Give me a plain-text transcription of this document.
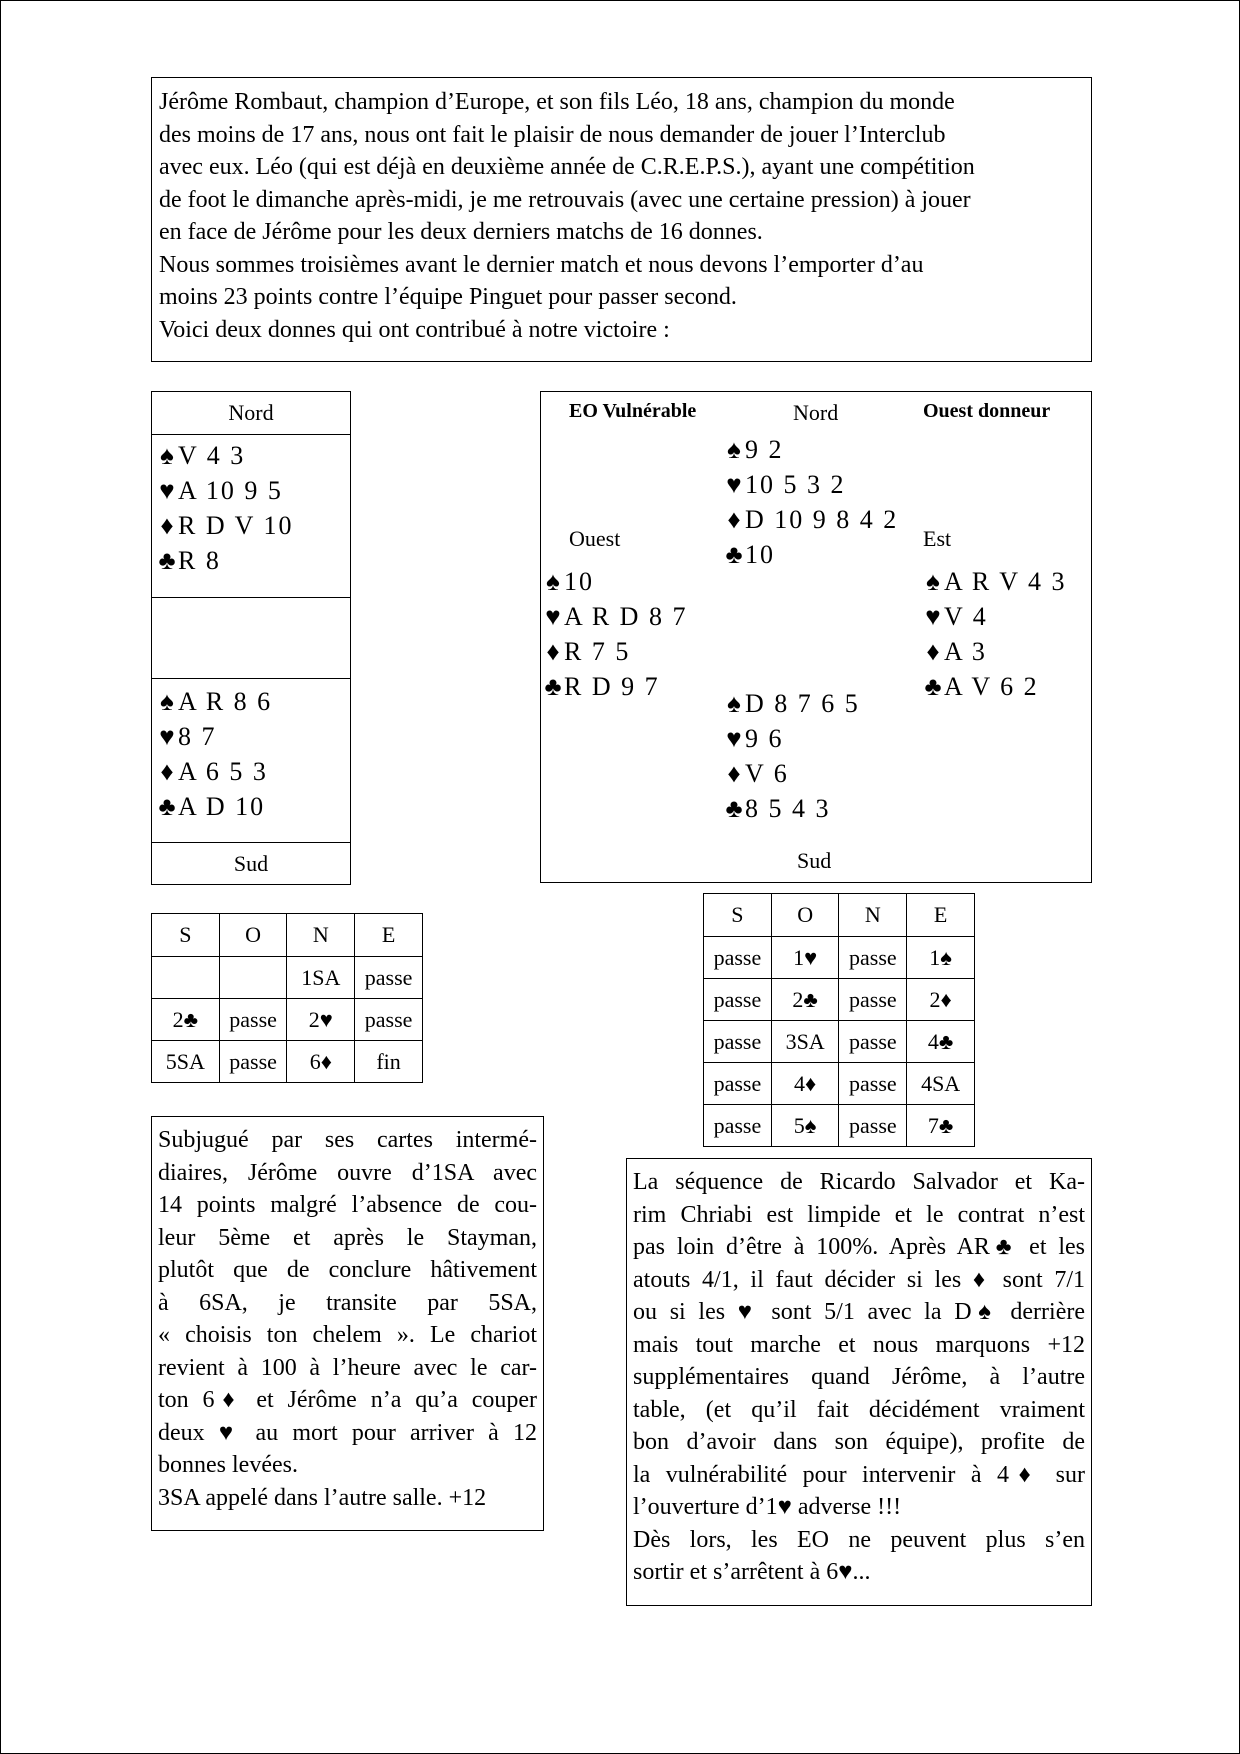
Jérôme Rombaut, champion d’Europe, et son fils Léo, 18 ans, champion du monde
des moins de 17 ans, nous ont fait le plaisir de nous demander de jouer l’Interclub
avec eux. Léo (qui est déjà en deuxième année de C.R.E.P.S.), ayant une compétition
de foot le dimanche après-midi, je me retrouvais (avec une certaine pression) à jouer
en face de Jérôme pour les deux derniers matchs de 16 donnes.
Nous sommes troisièmes avant le dernier match et nous devons l’emporter d’au
moins 23 points contre l’équipe Pinguet pour passer second.
Voici deux donnes qui ont contribué à notre victoire :
Nord
♠ V 4 3
♥ A 10 9 5
♦ R D V 10
♣R 8
♠ A R 8 6
♥ 8 7
♦ A 6 5 3
♣A D 10
Sud
S	O	N	E
		1SA	passe
2♣	passe	2♥	passe
5SA	passe	6♦	fin
Subjugué par ses cartes intermé-
diaires, Jérôme ouvre d’1SA avec
14 points malgré l’absence de cou-
leur 5ème et après le Stayman,
plutôt que de conclure hâtivement
à 6SA, je transite par 5SA,
« choisis ton chelem ». Le chariot
revient à 100 à l’heure avec le car-
ton 6♦ et Jérôme n’a qu’a couper
deux ♥ au mort pour arriver à 12
bonnes levées.
3SA appelé dans l’autre salle. +12
EO Vulnérable	Nord	Ouest donneur
♠ 9 2
♥ 10 5 3 2
♦ D 10 9 8 4 2
♣10
Ouest	Est
♠ 10
♥ A R D 8 7
♦ R 7 5
♣R D 9 7
♠ A R V 4 3
♥ V 4
♦ A 3
♣A V 6 2
♠ D 8 7 6 5
♥ 9 6
♦ V 6
♣8 5 4 3
Sud
S	O	N	E
passe	1♥	passe	1♠
passe	2♣	passe	2♦
passe	3SA	passe	4♣
passe	4♦	passe	4SA
passe	5♠	passe	7♣
La séquence de Ricardo Salvador et Ka-
rim Chriabi est limpide et le contrat n’est
pas loin d’être à 100%. Après AR♣ et les
atouts 4/1, il faut décider si les ♦ sont 7/1
ou si les ♥ sont 5/1 avec la D♠ derrière
mais tout marche et nous marquons +12
supplémentaires quand Jérôme, à l’autre
table, (et qu’il fait décidément vraiment
bon d’avoir dans son équipe), profite de
la vulnérabilité pour intervenir à 4♦ sur
l’ouverture d’1♥ adverse !!!
Dès lors, les EO ne peuvent plus s’en
sortir et s’arrêtent à 6♥...
